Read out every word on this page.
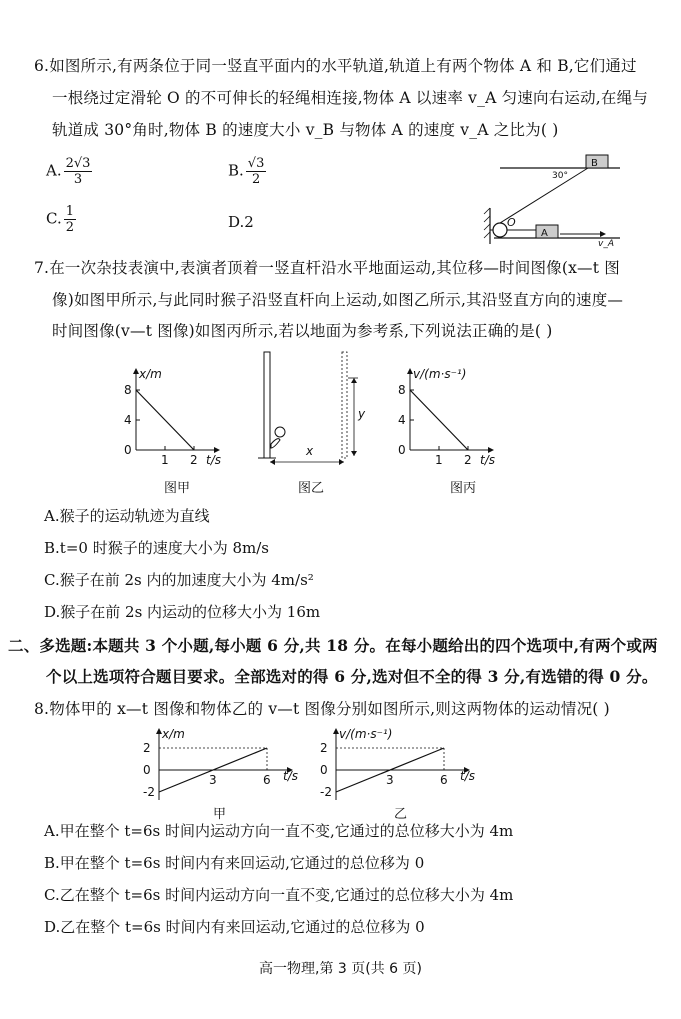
6.如图所示,有两条位于同一竖直平面内的水平轨道,轨道上有两个物体 A 和 B,它们通过
一根绕过定滑轮 O 的不可伸长的轻绳相连接,物体 A 以速率 v_A 匀速向右运动,在绳与
轨道成 30°角时,物体 B 的速度大小 v_B 与物体 A 的速度 v_A 之比为( )
A. $\frac{2√3}{3}$	B. $\frac{√3}{2}$
C. $\frac{1}{2}$	D.2
B
A
O
30°
v_A
7.在一次杂技表演中,表演者顶着一竖直杆沿水平地面运动,其位移—时间图像(x—t 图
像)如图甲所示,与此同时猴子沿竖直杆向上运动,如图乙所示,其沿竖直方向的速度—
时间图像(v—t 图像)如图丙所示,若以地面为参考系,下列说法正确的是( )
8
4
0
1 2
x/m
t/s
图甲
x
y
图乙
8
4
0
1 2
v/(m·s⁻¹)
t/s
图丙
A.猴子的运动轨迹为直线
B.t=0 时猴子的速度大小为 8m/s
C.猴子在前 2s 内的加速度大小为 4m/s²
D.猴子在前 2s 内运动的位移大小为 16m
二、多选题:本题共 3 个小题,每小题 6 分,共 18 分。在每小题给出的四个选项中,有两个或两
个以上选项符合题目要求。全部选对的得 6 分,选对但不全的得 3 分,有选错的得 0 分。
8.物体甲的 x—t 图像和物体乙的 v—t 图像分别如图所示,则这两物体的运动情况( )
2
0
-2
3	6
x/m
t/s
甲
2
0
-2
3	6
v/(m·s⁻¹)
t/s
乙
A.甲在整个 t=6s 时间内运动方向一直不变,它通过的总位移大小为 4m
B.甲在整个 t=6s 时间内有来回运动,它通过的总位移为 0
C.乙在整个 t=6s 时间内运动方向一直不变,它通过的总位移大小为 4m
D.乙在整个 t=6s 时间内有来回运动,它通过的总位移为 0
高一物理,第 3 页(共 6 页)
